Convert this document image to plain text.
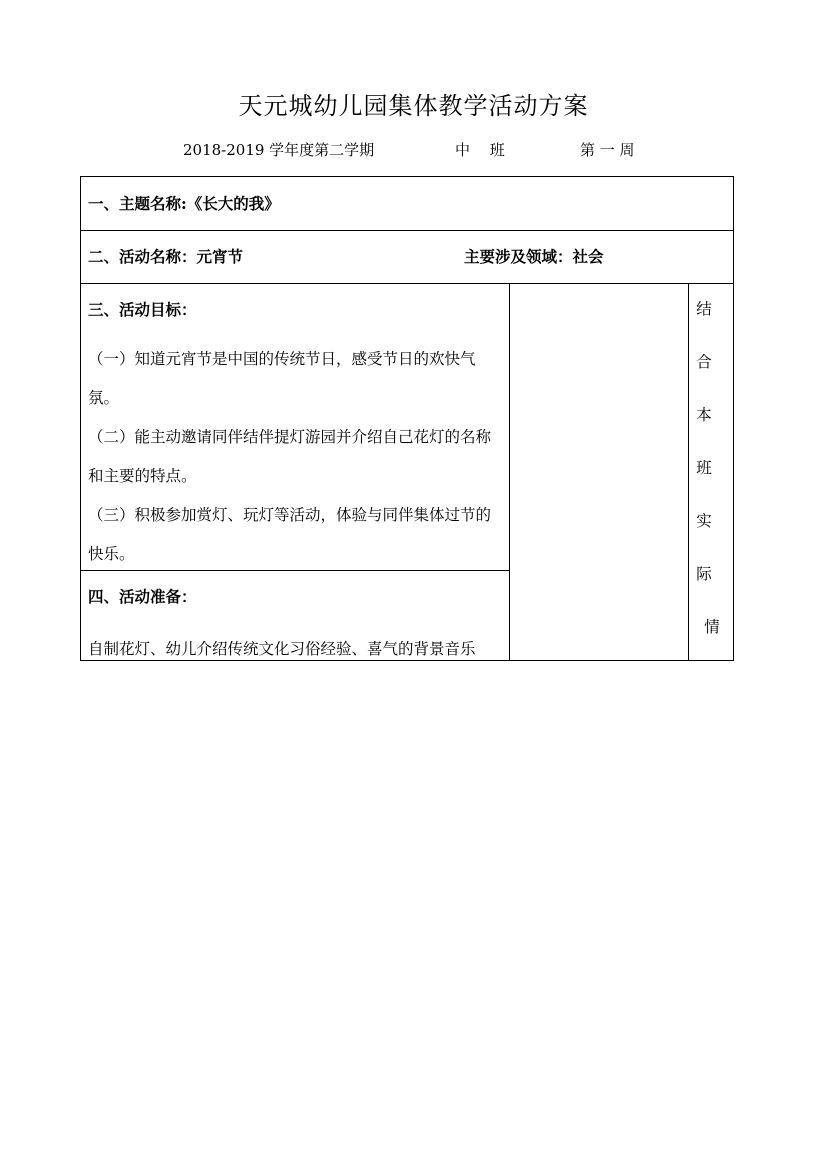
天元城幼儿园集体教学活动方案
2018-2019 学年度第二学期	中　 班	第 一 周
一、主题名称:《长大的我》
二、活动名称：元宵节	主要涉及领域：社会
三、活动目标：
（一）知道元宵节是中国的传统节日，感受节日的欢快气氛。
（二）能主动邀请同伴结伴提灯游园并介绍自己花灯的名称和主要的特点。
（三）积极参加赏灯、玩灯等活动，体验与同伴集体过节的快乐。
四、活动准备：
自制花灯、幼儿介绍传统文化习俗经验、喜气的背景音乐
结
合
本
班
实
际
情
